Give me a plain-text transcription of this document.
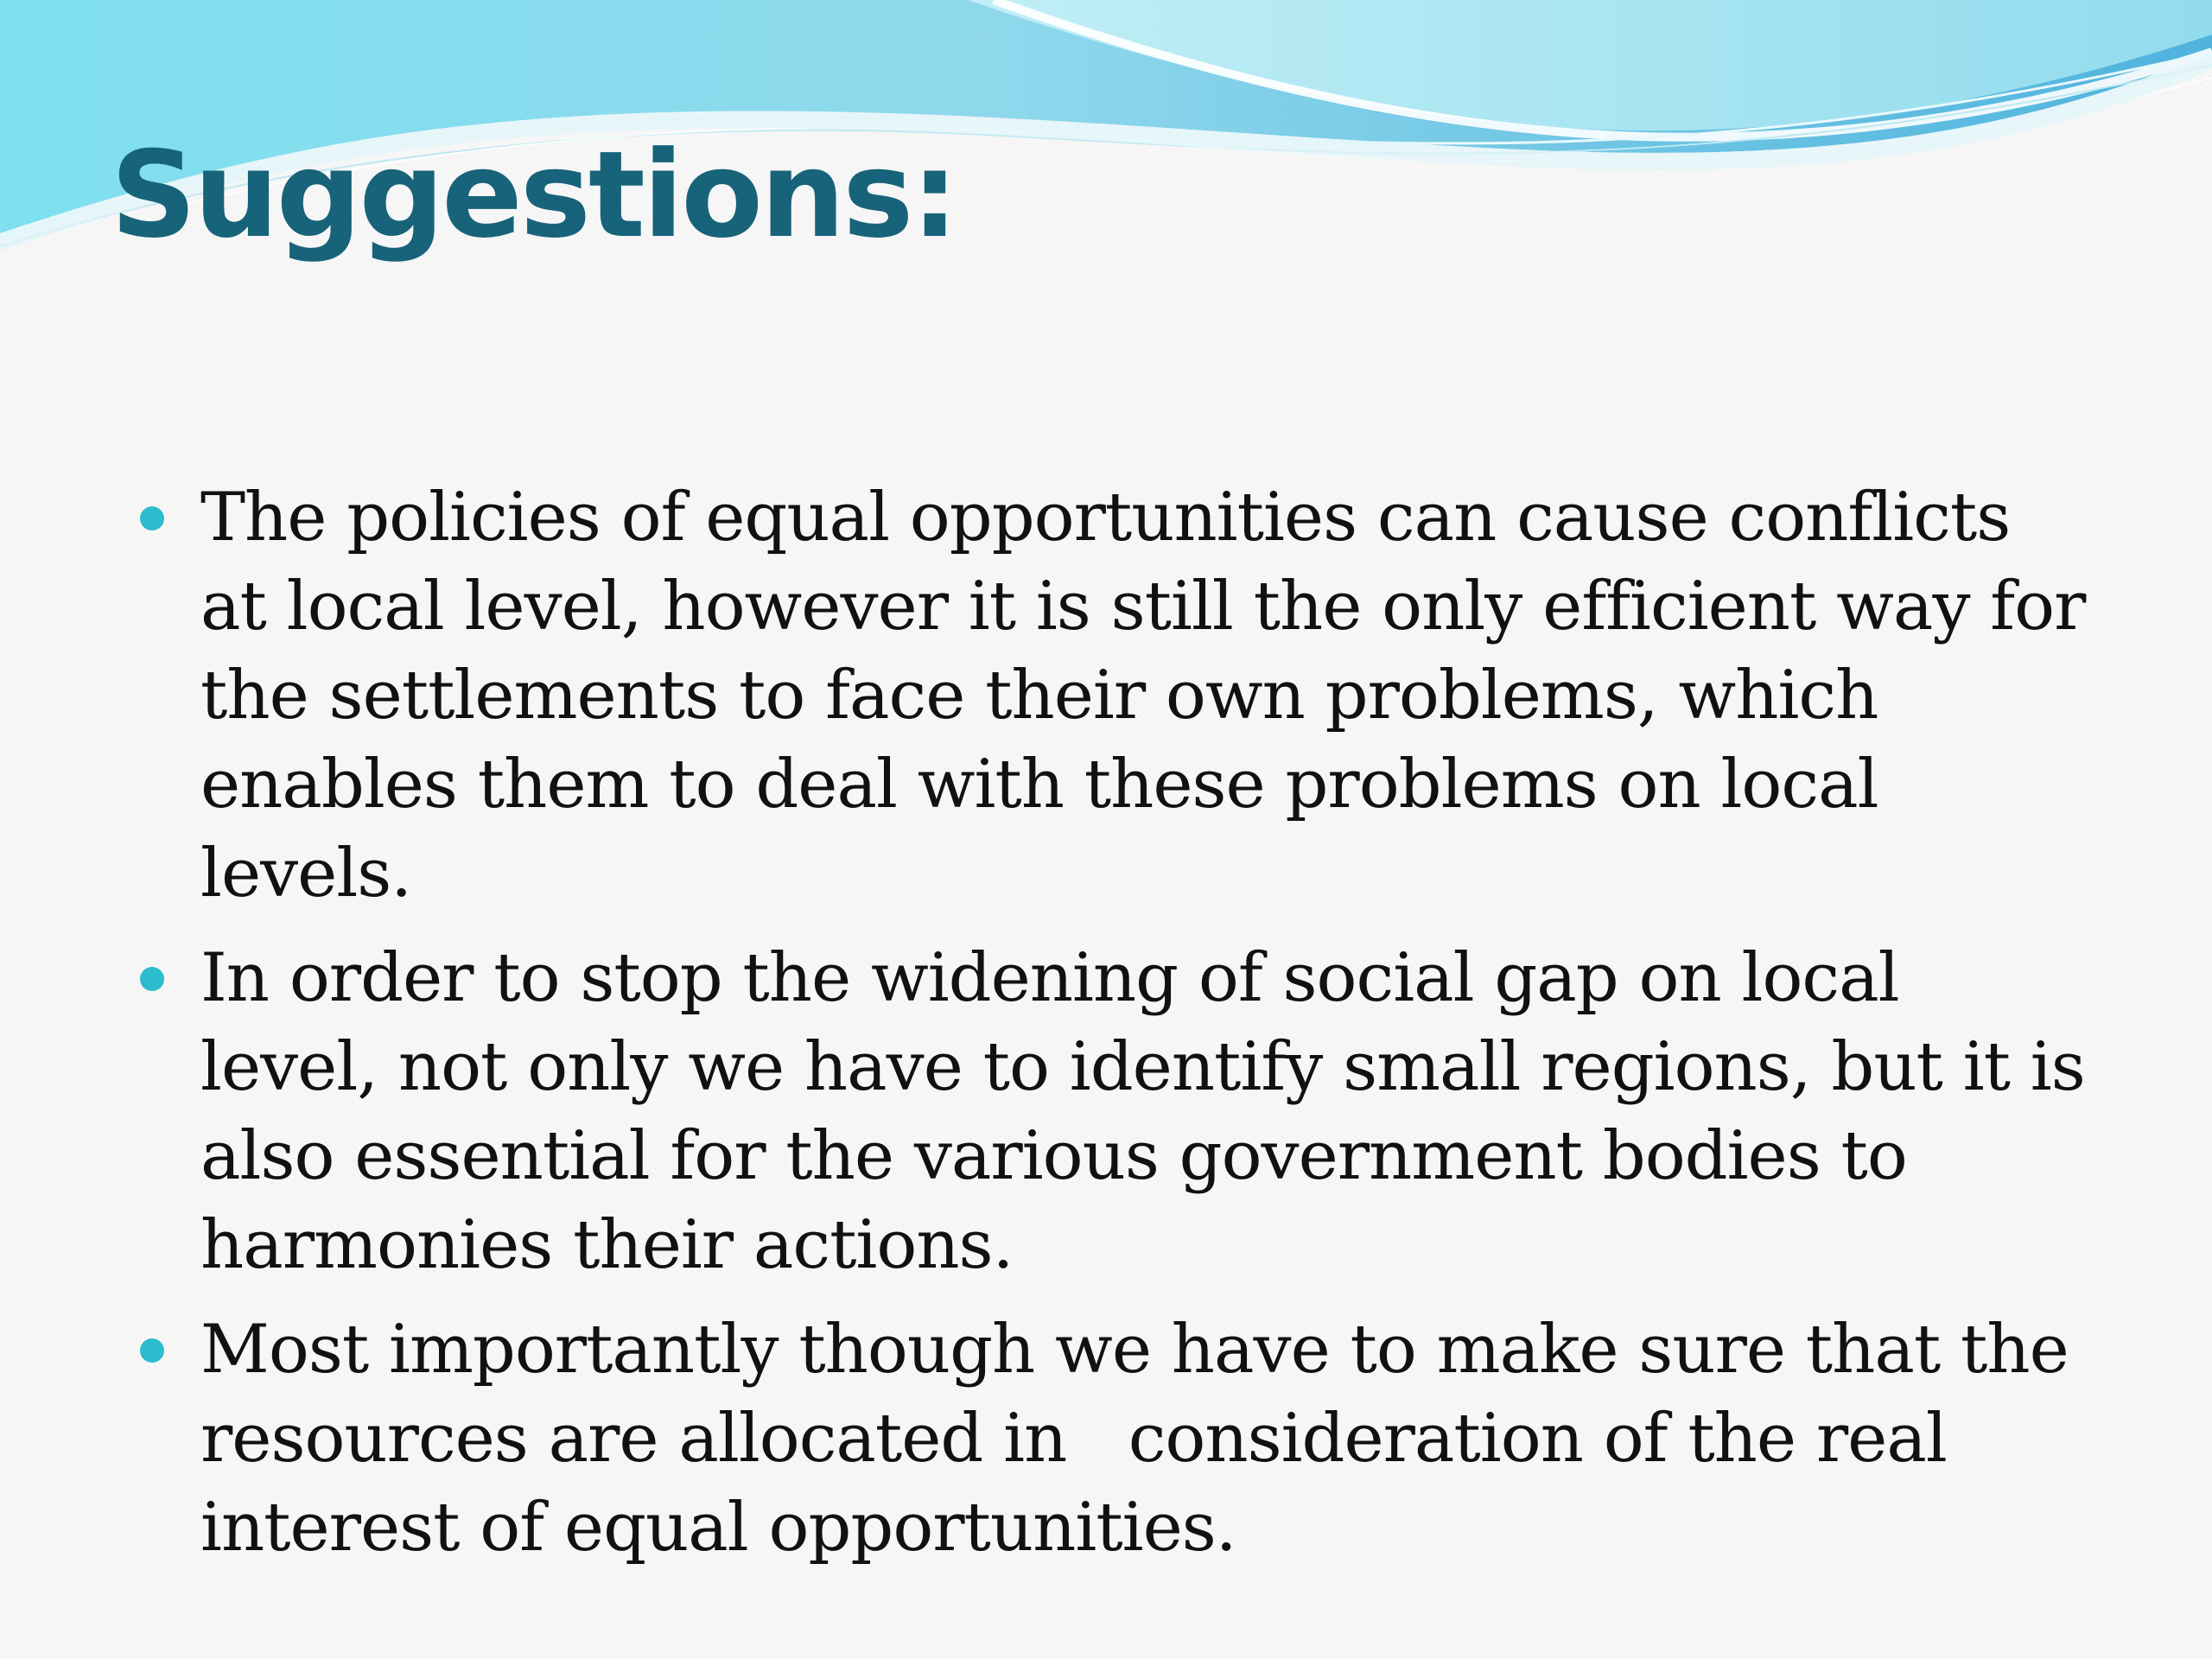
Suggestions:
The policies of equal opportunities can cause conflicts at local level, however it is still the only efficient way for the settlements to face their own problems, which enables them to deal with these problems on local levels.
In order to stop the widening of social gap on local level, not only we have to identify small regions, but it is also essential for the various government bodies to harmonies their actions.
Most importantly though we have to make sure that the resources are allocated in   consideration of the real interest of equal opportunities.
